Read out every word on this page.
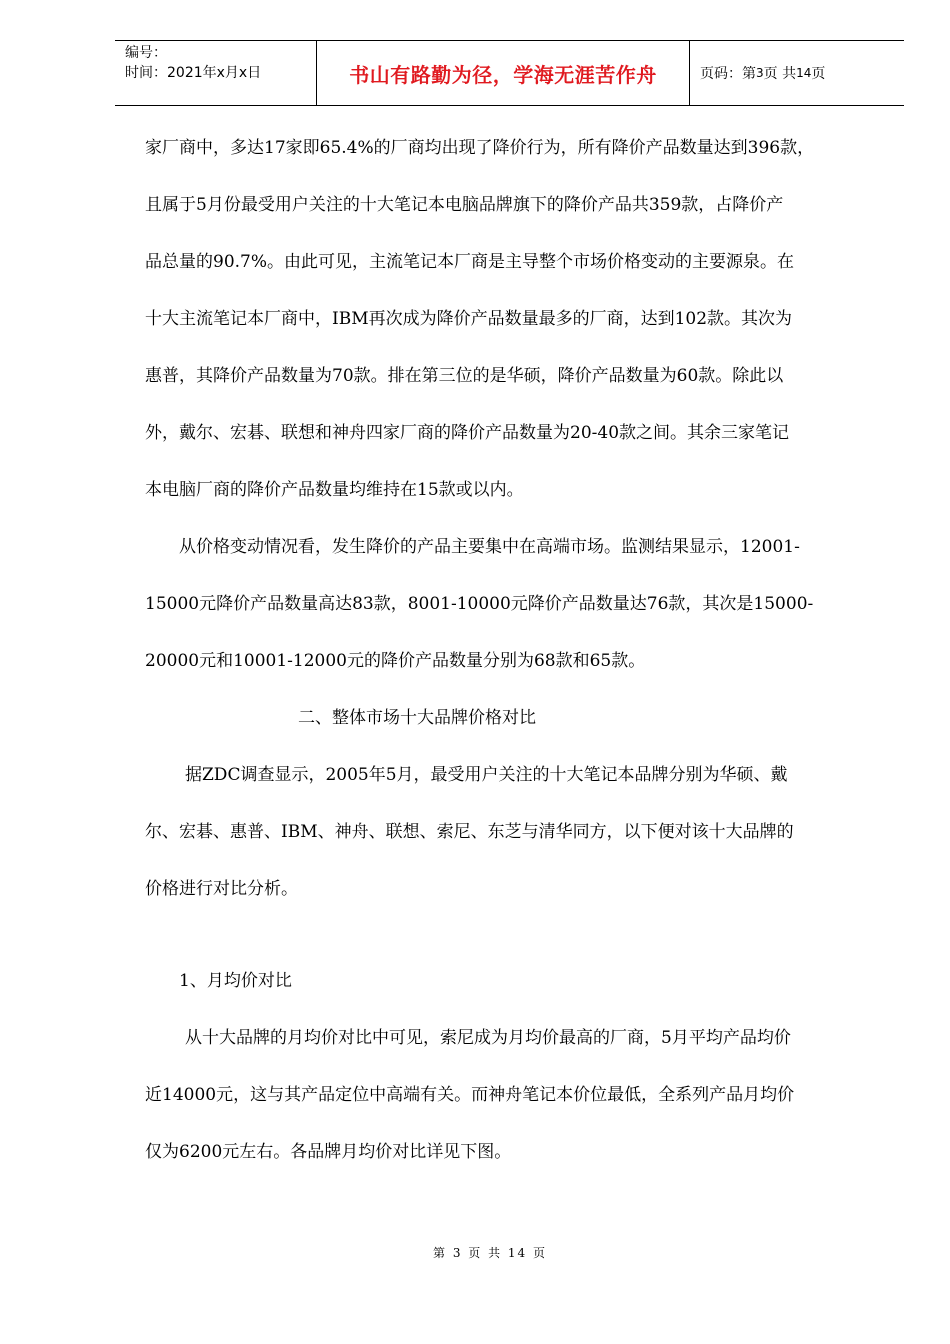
编号：
时间：2021年x月x日	书山有路勤为径，学海无涯苦作舟	页码：第 3 页 共 14 页

家厂商中，多达17家即65.4%的厂商均出现了降价行为，所有降价产品数量达到396款，

且属于5月份最受用户关注的十大笔记本电脑品牌旗下的降价产品共359款，占降价产

品总量的90.7%。由此可见，主流笔记本厂商是主导整个市场价格变动的主要源泉。在

十大主流笔记本厂商中，IBM再次成为降价产品数量最多的厂商，达到102款。其次为

惠普，其降价产品数量为70款。排在第三位的是华硕，降价产品数量为60款。除此以

外，戴尔、宏碁、联想和神舟四家厂商的降价产品数量为20-40款之间。其余三家笔记

本电脑厂商的降价产品数量均维持在15款或以内。

从价格变动情况看，发生降价的产品主要集中在高端市场。监测结果显示，12001-

15000元降价产品数量高达83款，8001-10000元降价产品数量达76款，其次是15000-

20000元和10001-12000元的降价产品数量分别为68款和65款。

二、整体市场十大品牌价格对比

据ZDC调查显示，2005年5月，最受用户关注的十大笔记本品牌分别为华硕、戴

尔、宏碁、惠普、IBM、神舟、联想、索尼、东芝与清华同方，以下便对该十大品牌的

价格进行对比分析。

1、月均价对比

从十大品牌的月均价对比中可见，索尼成为月均价最高的厂商，5月平均产品均价

近14000元，这与其产品定位中高端有关。而神舟笔记本价位最低，全系列产品月均价

仅为6200元左右。各品牌月均价对比详见下图。

第 3 页 共 14 页
